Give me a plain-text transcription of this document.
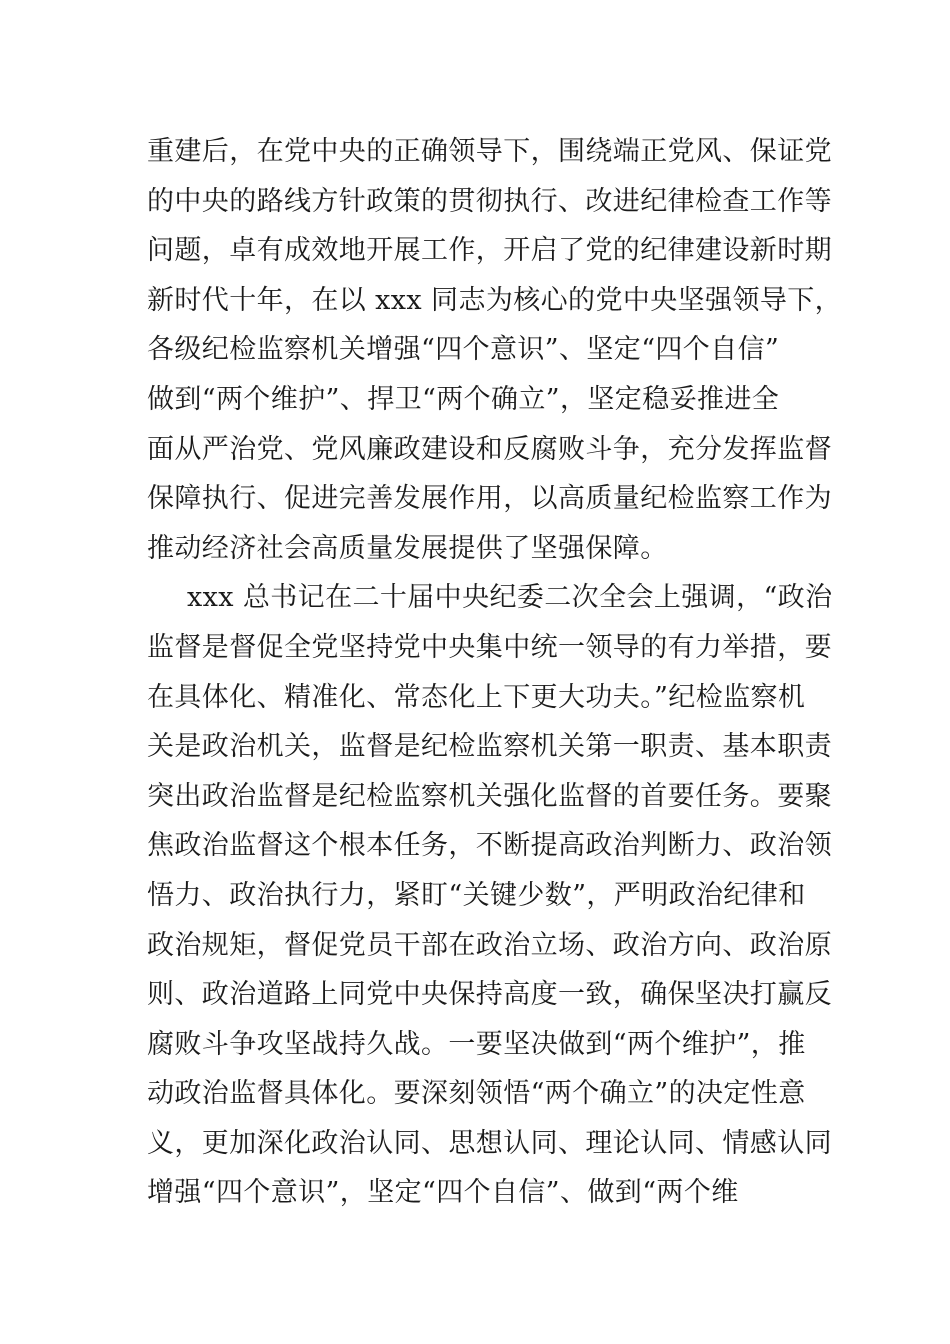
重建后，在党中央的正确领导下，围绕端正党风、保证党
的中央的路线方针政策的贯彻执行、改进纪律检查工作等
问题，卓有成效地开展工作，开启了党的纪律建设新时期
新时代十年，在以 xxx 同志为核心的党中央坚强领导下，
各级纪检监察机关增强“四个意识”、坚定“四个自信”
做到“两个维护”、捍卫“两个确立”，坚定稳妥推进全
面从严治党、党风廉政建设和反腐败斗争，充分发挥监督
保障执行、促进完善发展作用，以高质量纪检监察工作为
推动经济社会高质量发展提供了坚强保障。
xxx 总书记在二十届中央纪委二次全会上强调，“政治
监督是督促全党坚持党中央集中统一领导的有力举措，要
在具体化、精准化、常态化上下更大功夫。”纪检监察机
关是政治机关，监督是纪检监察机关第一职责、基本职责
突出政治监督是纪检监察机关强化监督的首要任务。要聚
焦政治监督这个根本任务，不断提高政治判断力、政治领
悟力、政治执行力，紧盯“关键少数”，严明政治纪律和
政治规矩，督促党员干部在政治立场、政治方向、政治原
则、政治道路上同党中央保持高度一致，确保坚决打赢反
腐败斗争攻坚战持久战。一要坚决做到“两个维护”，推
动政治监督具体化。要深刻领悟“两个确立”的决定性意
义，更加深化政治认同、思想认同、理论认同、情感认同
增强“四个意识”，坚定“四个自信”、做到“两个维
